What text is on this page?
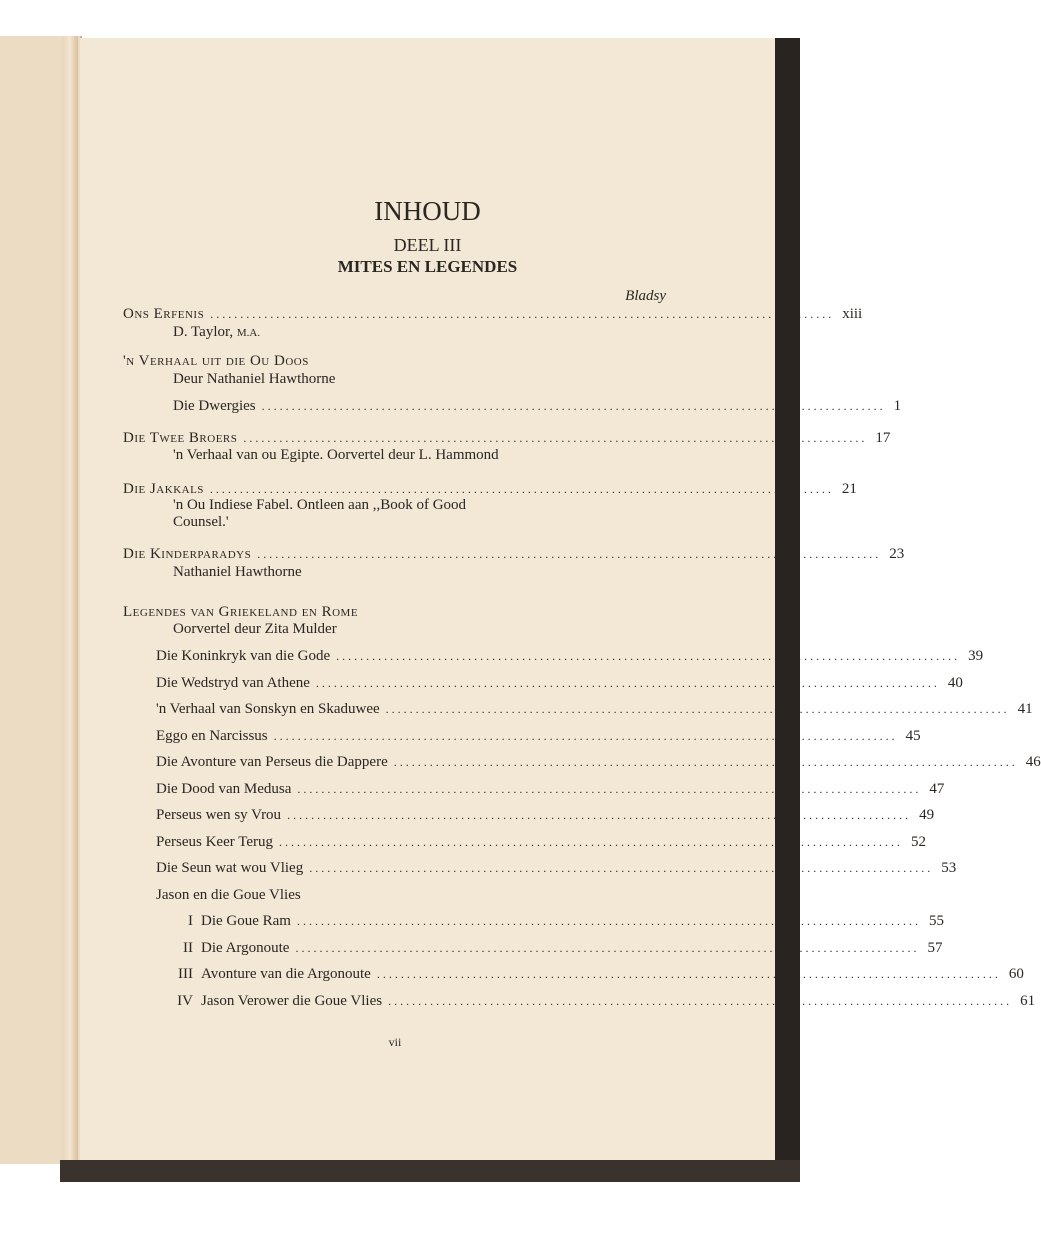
INHOUD
DEEL III
MITES EN LEGENDES
Bladsy
Ons Erfenis ........................................................................................................ xiii
D. Taylor, M.A.
'n Verhaal uit die Ou Doos
Deur Nathaniel Hawthorne
Die Dwergies ........................................................................................................ 1
Die Twee Broers ........................................................................................................ 17
'n Verhaal van ou Egipte. Oorvertel deur L. Hammond
Die Jakkals ........................................................................................................ 21
'n Ou Indiese Fabel. Ontleen aan ,,Book of Good
Counsel.'
Die Kinderparadys ........................................................................................................ 23
Nathaniel Hawthorne
Legendes van Griekeland en Rome
Oorvertel deur Zita Mulder
Die Koninkryk van die Gode ........................................................................................................ 39
Die Wedstryd van Athene ........................................................................................................ 40
'n Verhaal van Sonskyn en Skaduwee ........................................................................................................ 41
Eggo en Narcissus ........................................................................................................ 45
Die Avonture van Perseus die Dappere ........................................................................................................ 46
Die Dood van Medusa ........................................................................................................ 47
Perseus wen sy Vrou ........................................................................................................ 49
Perseus Keer Terug ........................................................................................................ 52
Die Seun wat wou Vlieg ........................................................................................................ 53
Jason en die Goue Vlies
I Die Goue Ram ........................................................................................................ 55
II Die Argonoute ........................................................................................................ 57
III Avonture van die Argonoute ........................................................................................................ 60
IV Jason Verower die Goue Vlies ........................................................................................................ 61
vii
